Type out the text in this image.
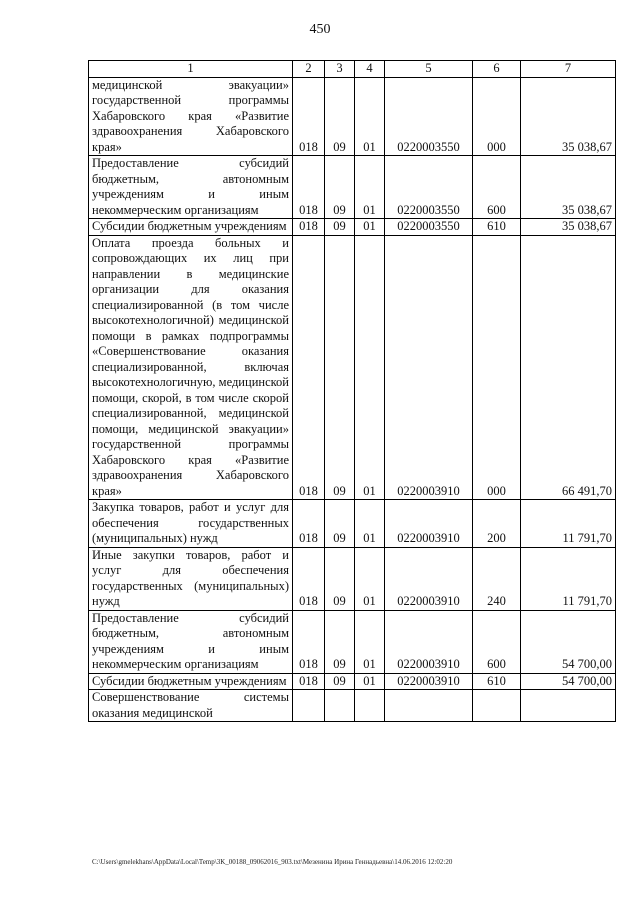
450
1	2	3	4	5	6	7
медицинской эвакуации» государственной программы Хабаровского края «Развитие здравоохранения Хабаровского края»	018	09	01	0220003550	000	35 038,67
Предоставление субсидий бюджетным, автономным учреждениям и иным некоммерческим организациям	018	09	01	0220003550	600	35 038,67
Субсидии бюджетным учреждениям	018	09	01	0220003550	610	35 038,67
Оплата проезда больных и сопровождающих их лиц при направлении в медицинские организации для оказания специализированной (в том числе высокотехнологичной) медицинской помощи в рамках подпрограммы «Совершенствование оказания специализированной, включая высокотехнологичную, медицинской помощи, скорой, в том числе скорой специализированной, медицинской помощи, медицинской эвакуации» государственной программы Хабаровского края «Развитие здравоохранения Хабаровского края»	018	09	01	0220003910	000	66 491,70
Закупка товаров, работ и услуг для обеспечения государственных (муниципальных) нужд	018	09	01	0220003910	200	11 791,70
Иные закупки товаров, работ и услуг для обеспечения государственных (муниципальных) нужд	018	09	01	0220003910	240	11 791,70
Предоставление субсидий бюджетным, автономным учреждениям и иным некоммерческим организациям	018	09	01	0220003910	600	54 700,00
Субсидии бюджетным учреждениям	018	09	01	0220003910	610	54 700,00
Совершенствование системы оказания медицинской						
C:\Users\gmelekhans\AppData\Local\Temp\3K_00188_09062016_903.txt\Мезенина Ирина Геннадьевна\14.06.2016 12:02:20
